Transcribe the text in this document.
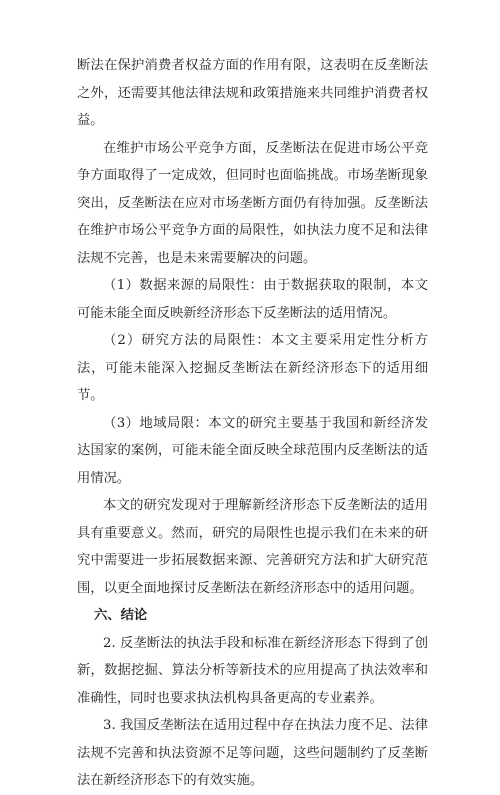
断法在保护消费者权益方面的作用有限，这表明在反垄断法之外，还需要其他法律法规和政策措施来共同维护消费者权益。

在维护市场公平竞争方面，反垄断法在促进市场公平竞争方面取得了一定成效，但同时也面临挑战。市场垄断现象突出，反垄断法在应对市场垄断方面仍有待加强。反垄断法在维护市场公平竞争方面的局限性，如执法力度不足和法律法规不完善，也是未来需要解决的问题。

（1）数据来源的局限性：由于数据获取的限制，本文可能未能全面反映新经济形态下反垄断法的适用情况。

（2）研究方法的局限性：本文主要采用定性分析方法，可能未能深入挖掘反垄断法在新经济形态下的适用细节。

（3）地域局限：本文的研究主要基于我国和新经济发达国家的案例，可能未能全面反映全球范围内反垄断法的适用情况。

本文的研究发现对于理解新经济形态下反垄断法的适用具有重要意义。然而，研究的局限性也提示我们在未来的研究中需要进一步拓展数据来源、完善研究方法和扩大研究范围，以更全面地探讨反垄断法在新经济形态中的适用问题。

六、结论

2. 反垄断法的执法手段和标准在新经济形态下得到了创新，数据挖掘、算法分析等新技术的应用提高了执法效率和准确性，同时也要求执法机构具备更高的专业素养。

3. 我国反垄断法在适用过程中存在执法力度不足、法律法规不完善和执法资源不足等问题，这些问题制约了反垄断法在新经济形态下的有效实施。
